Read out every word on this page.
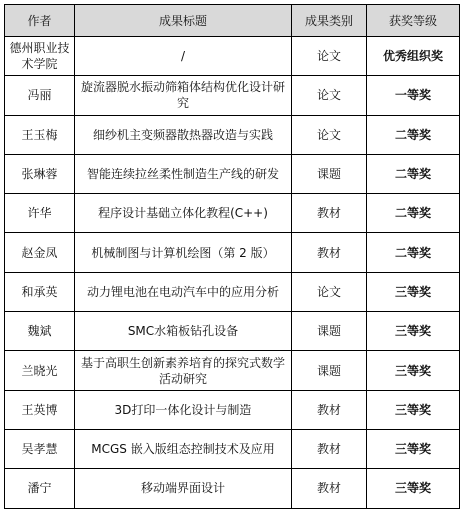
作者	成果标题	成果类别	获奖等级
德州职业技术学院	/	论文	优秀组织奖
冯丽	旋流器脱水振动筛箱体结构优化设计研究	论文	一等奖
王玉梅	细纱机主变频器散热器改造与实践	论文	二等奖
张琳蓉	智能连续拉丝柔性制造生产线的研发	课题	二等奖
许华	程序设计基础立体化教程(C++)	教材	二等奖
赵金凤	机械制图与计算机绘图（第 2 版）	教材	二等奖
和承英	动力锂电池在电动汽车中的应用分析	论文	三等奖
魏斌	SMC水箱板钻孔设备	课题	三等奖
兰晓光	基于高职生创新素养培育的探究式数学活动研究	课题	三等奖
王英博	3D打印一体化设计与制造	教材	三等奖
吴孝慧	MCGS 嵌入版组态控制技术及应用	教材	三等奖
潘宁	移动端界面设计	教材	三等奖
